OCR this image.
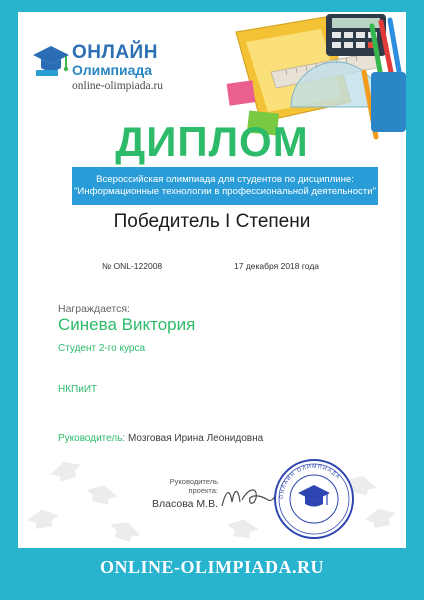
ОНЛАЙН
Олимпиада
online-olimpiada.ru
ДИПЛОМ
Всероссийская олимпиада для студентов по дисциплине:
"Информационные технологии в профессиональной деятельности"
Победитель I Степени
№ ONL-122008	17 декабря 2018 года
Награждается:
Синева Виктория
Студент 2-го курса
НКПиИТ
Руководитель: Мозговая Ирина Леонидовна
Руководитель
проекта:
Власова М.В.
ОНЛАЙН ОЛИМПИАДА
ONLINE-OLIMPIADA.RU
